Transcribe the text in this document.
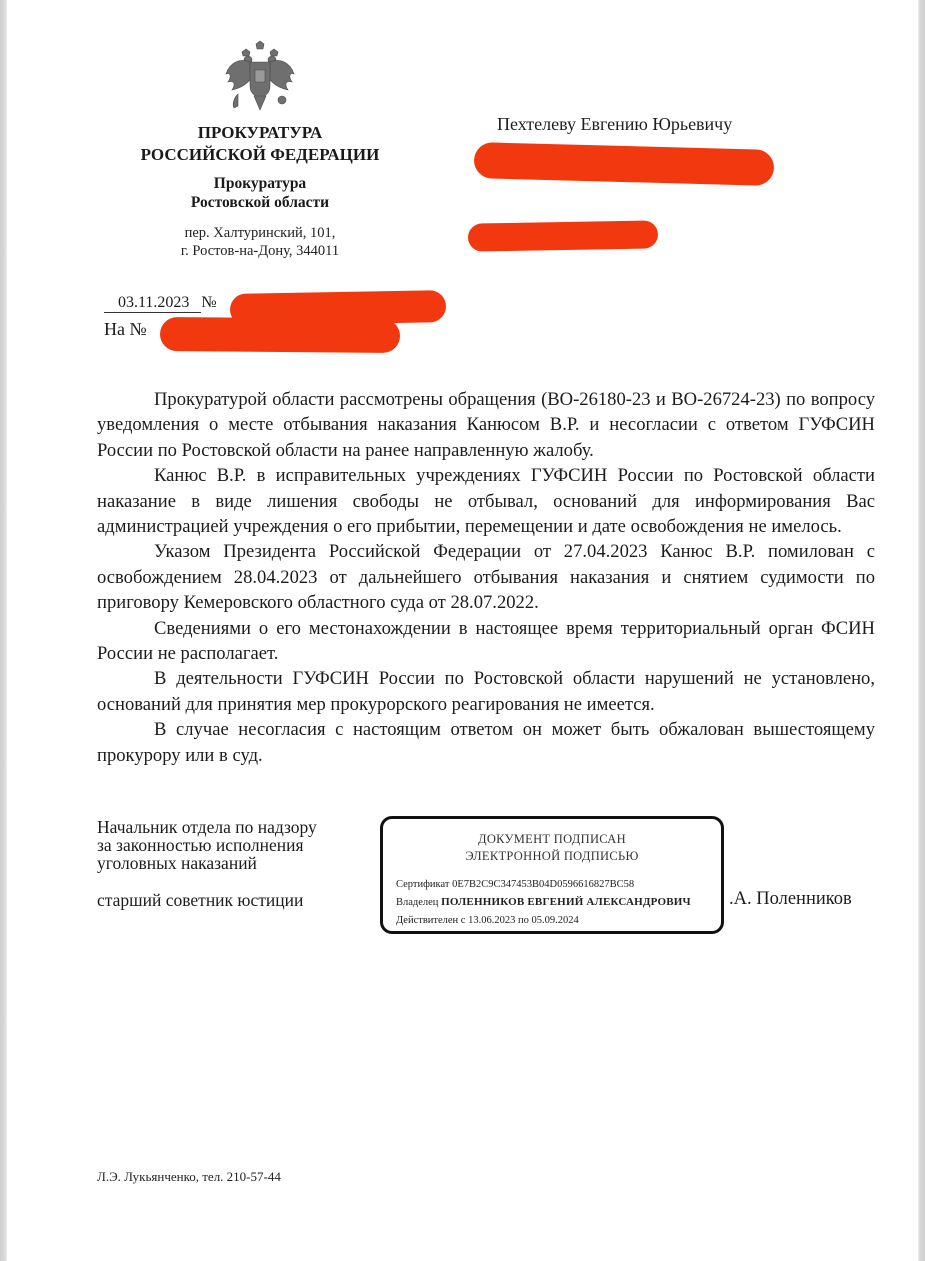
ПРОКУРАТУРА
РОССИЙСКОЙ ФЕДЕРАЦИИ
Прокуратура
Ростовской области
пер. Халтуринский, 101,
г. Ростов-на-Дону, 344011
Пехтелеву Евгению Юрьевичу
03.11.2023 №
На №

Прокуратурой области рассмотрены обращения (ВО-26180-23 и ВО-26724-23) по вопросу уведомления о месте отбывания наказания Канюсом В.Р. и несогласии с ответом ГУФСИН России по Ростовской области на ранее направленную жалобу.

Канюс В.Р. в исправительных учреждениях ГУФСИН России по Ростовской области наказание в виде лишения свободы не отбывал, оснований для информирования Вас администрацией учреждения о его прибытии, перемещении и дате освобождения не имелось.

Указом Президента Российской Федерации от 27.04.2023 Канюс В.Р. помилован с освобождением 28.04.2023 от дальнейшего отбывания наказания и снятием судимости по приговору Кемеровского областного суда от 28.07.2022.

Сведениями о его местонахождении в настоящее время территориальный орган ФСИН России не располагает.

В деятельности ГУФСИН России по Ростовской области нарушений не установлено, оснований для принятия мер прокурорского реагирования не имеется.

В случае несогласия с настоящим ответом он может быть обжалован вышестоящему прокурору или в суд.

Начальник отдела по надзору
за законностью исполнения
уголовных наказаний
старший советник юстиции
ДОКУМЕНТ ПОДПИСАН
ЭЛЕКТРОННОЙ ПОДПИСЬЮ
Сертификат 0E7B2C9C347453B04D0596616827BC58
Владелец ПОЛЕННИКОВ ЕВГЕНИЙ АЛЕКСАНДРОВИЧ
Действителен с 13.06.2023 по 05.09.2024
.А. Поленников
Л.Э. Лукьянченко, тел. 210-57-44
